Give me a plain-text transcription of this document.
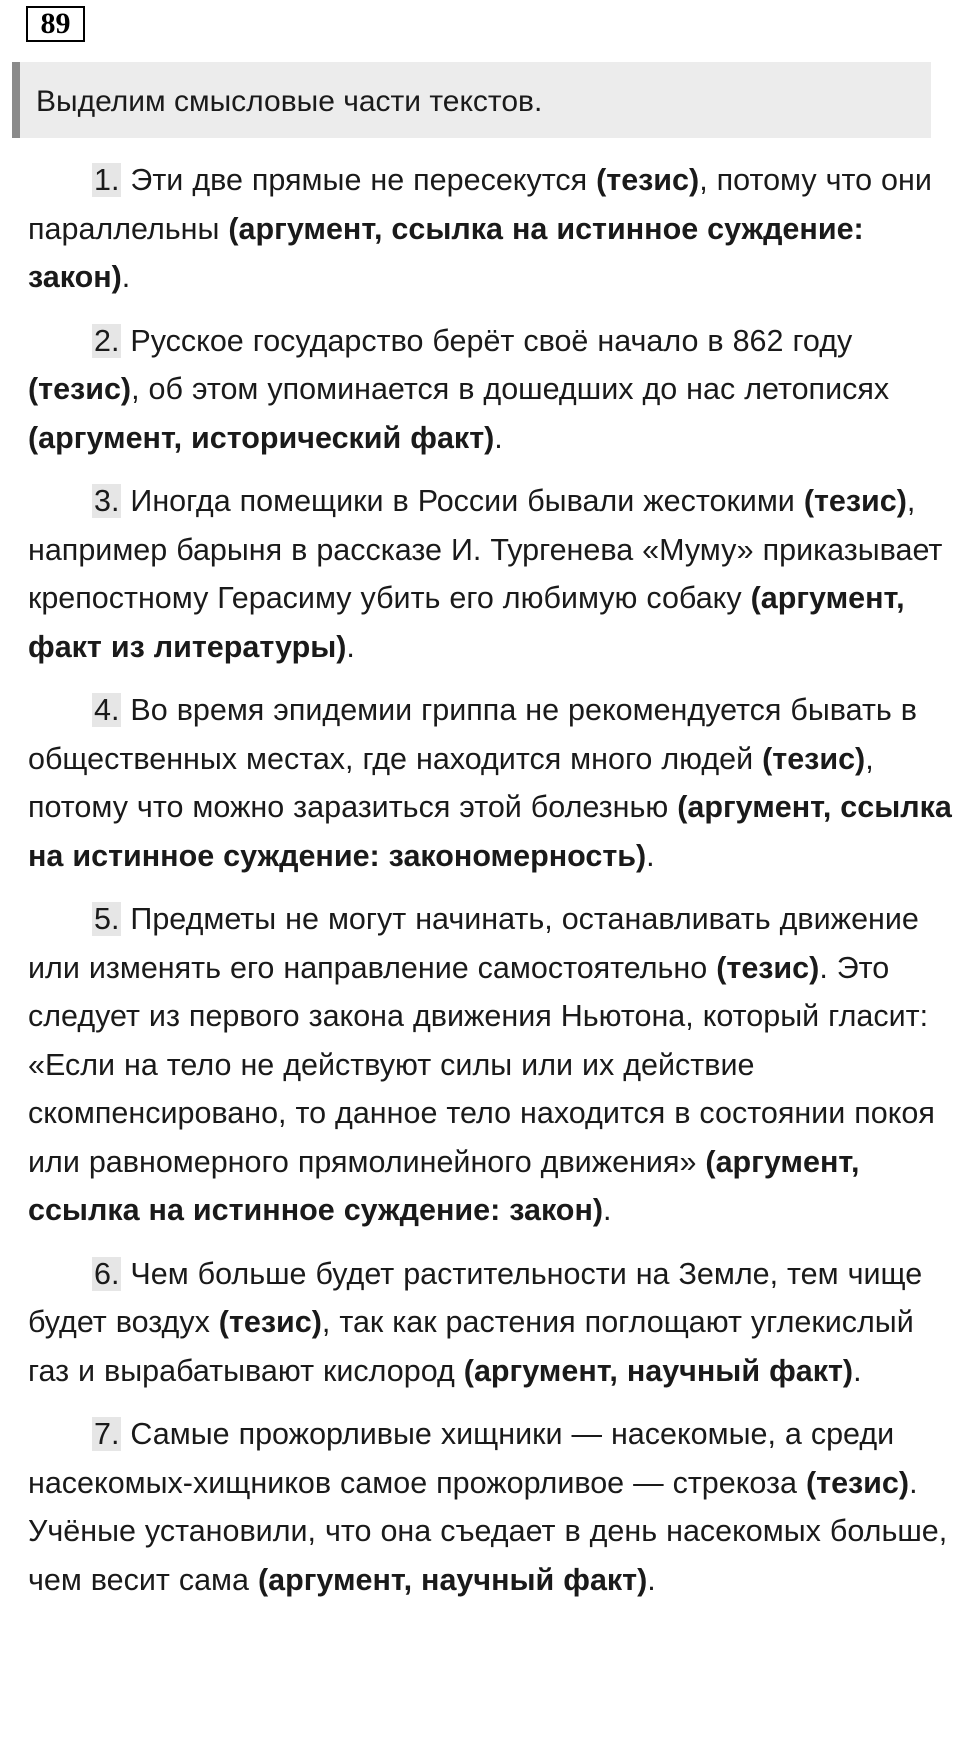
89
Выделим смысловые части текстов.

1. Эти две прямые не пересекутся (тезис), потому что они параллельны (аргумент, ссылка на истинное суждение: закон).

2. Русское государство берёт своё начало в 862 году (тезис), об этом упоминается в дошедших до нас летописях (аргумент, исторический факт).

3. Иногда помещики в России бывали жестокими (тезис), например барыня в рассказе И. Тургенева «Муму» приказывает крепостному Герасиму убить его любимую собаку (аргумент, факт из литературы).

4. Во время эпидемии гриппа не рекомендуется бывать в общественных местах, где находится много людей (тезис), потому что можно заразиться этой болезнью (аргумент, ссылка на истинное суждение: закономерность).

5. Предметы не могут начинать, останавливать движение или изменять его направление самостоятельно (тезис). Это следует из первого закона движения Ньютона, который гласит: «Если на тело не действуют силы или их действие скомпенсировано, то данное тело находится в состоянии покоя или равномерного прямолинейного движения» (аргумент, ссылка на истинное суждение: закон).

6. Чем больше будет растительности на Земле, тем чище будет воздух (тезис), так как растения поглощают углекислый газ и вырабатывают кислород (аргумент, научный факт).

7. Самые прожорливые хищники — насекомые, а среди насекомых-хищников самое прожорливое — стрекоза (тезис). Учёные установили, что она съедает в день насекомых больше, чем весит сама (аргумент, научный факт).
